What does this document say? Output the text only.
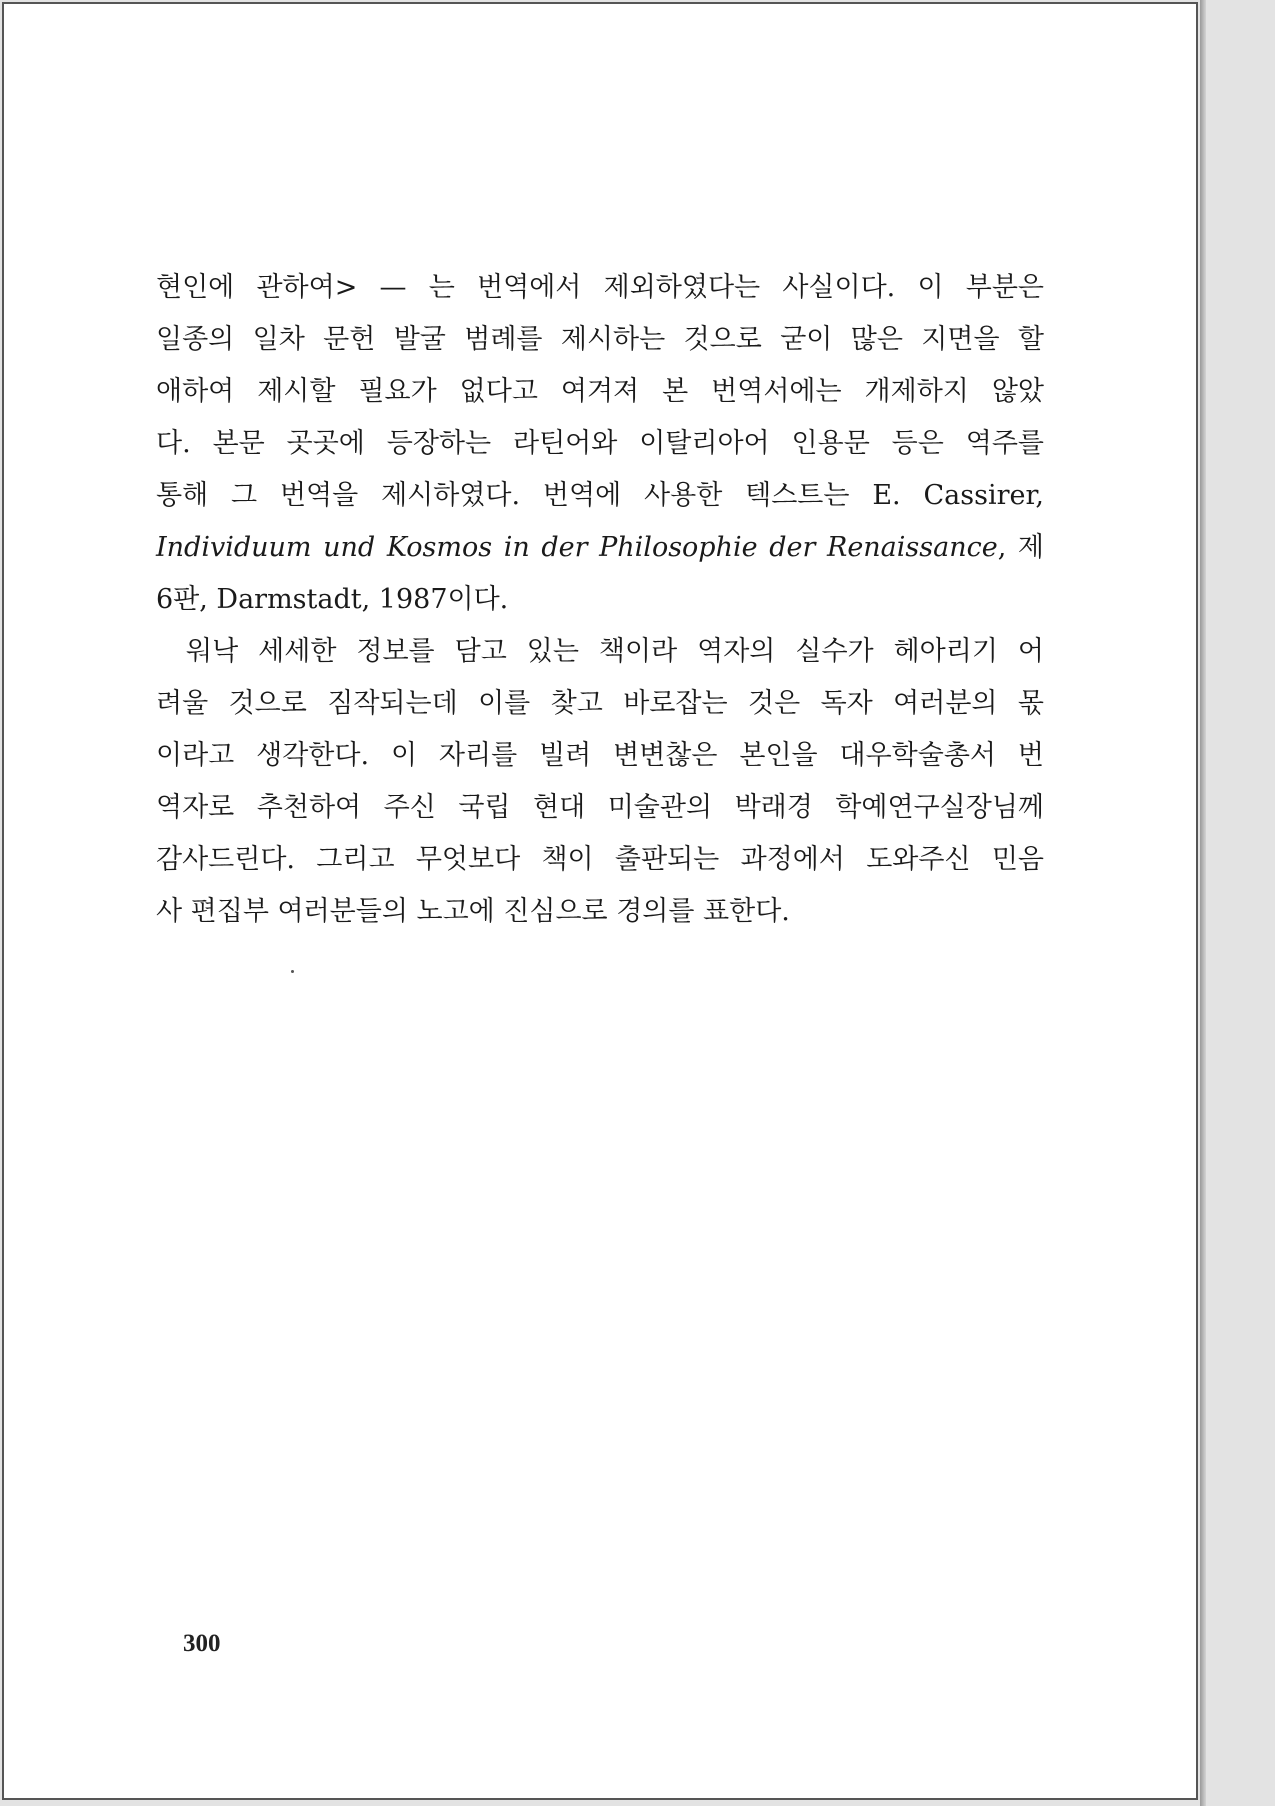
현인에 관하여> — 는 번역에서 제외하였다는 사실이다. 이 부분은
일종의 일차 문헌 발굴 범례를 제시하는 것으로 굳이 많은 지면을 할
애하여 제시할 필요가 없다고 여겨져 본 번역서에는 개제하지 않았
다. 본문 곳곳에 등장하는 라틴어와 이탈리아어 인용문 등은 역주를
통해 그 번역을 제시하였다. 번역에 사용한 텍스트는 E. Cassirer,
Individuum und Kosmos in der Philosophie der Renaissance, 제
6판, Darmstadt, 1987이다.
워낙 세세한 정보를 담고 있는 책이라 역자의 실수가 헤아리기 어
려울 것으로 짐작되는데 이를 찾고 바로잡는 것은 독자 여러분의 몫
이라고 생각한다. 이 자리를 빌려 변변찮은 본인을 대우학술총서 번
역자로 추천하여 주신 국립 현대 미술관의 박래경 학예연구실장님께
감사드린다. 그리고 무엇보다 책이 출판되는 과정에서 도와주신 민음
사 편집부 여러분들의 노고에 진심으로 경의를 표한다.
300
